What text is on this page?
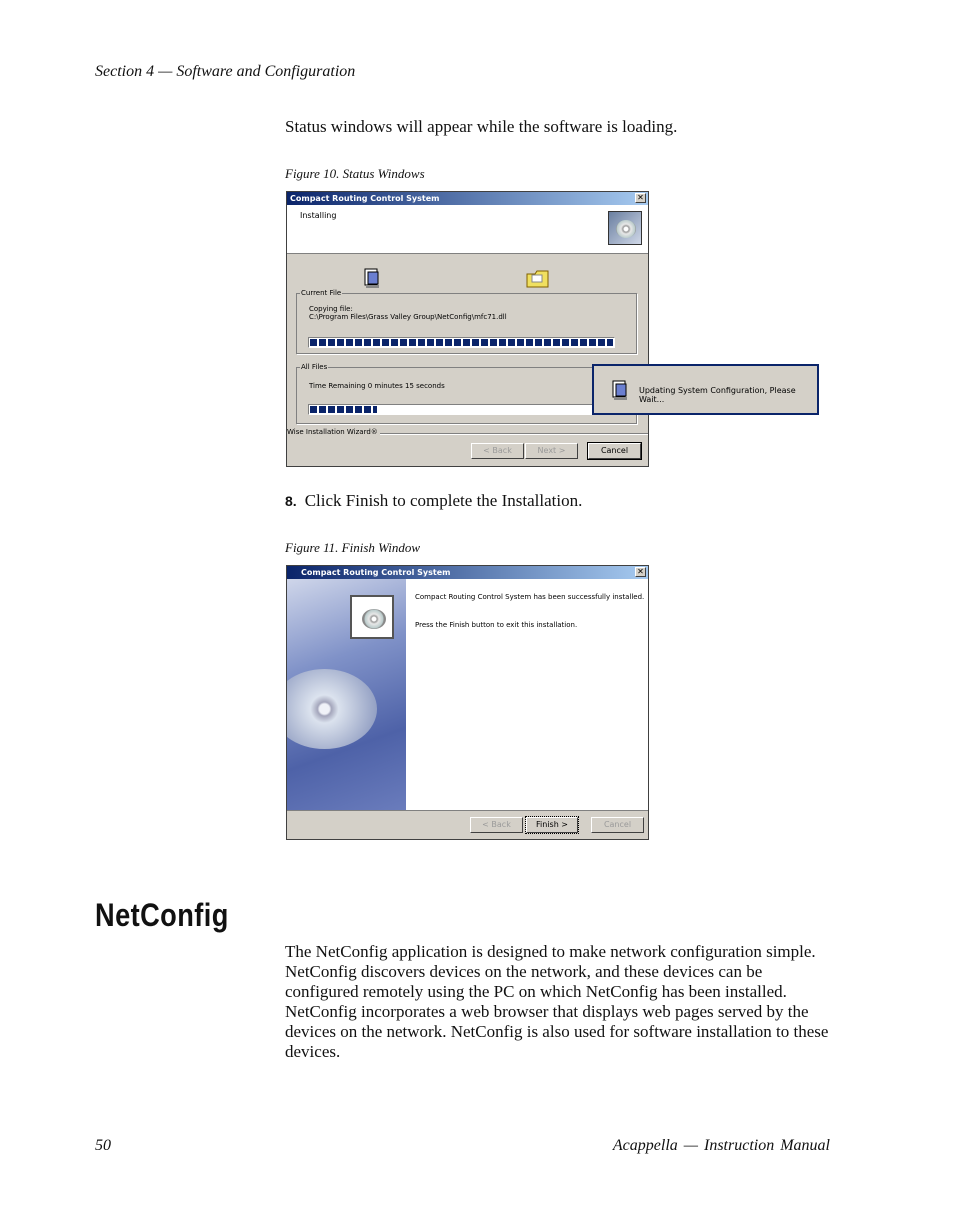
Section 4 — Software and Configuration
Status windows will appear while the software is loading.
Figure 10. Status Windows
Compact Routing Control System	✕
Installing
Current File
Copying file:
C:\Program Files\Grass Valley Group\NetConfig\mfc71.dll
All Files
Time Remaining 0 minutes 15 seconds
Wise Installation Wizard®
< Back	Next >	Cancel
Updating System Configuration, Please Wait...
8. Click Finish to complete the Installation.
Figure 11. Finish Window
Compact Routing Control System	✕
Compact Routing Control System has been successfully installed.
Press the Finish button to exit this installation.
< Back	Finish >	Cancel
NetConfig
The NetConfig application is designed to make network configuration simple. NetConfig discovers devices on the network, and these devices can be configured remotely using the PC on which NetConfig has been installed. NetConfig incorporates a web browser that displays web pages served by the devices on the network. NetConfig is also used for software installation to these devices.
50	Acappella — Instruction Manual
